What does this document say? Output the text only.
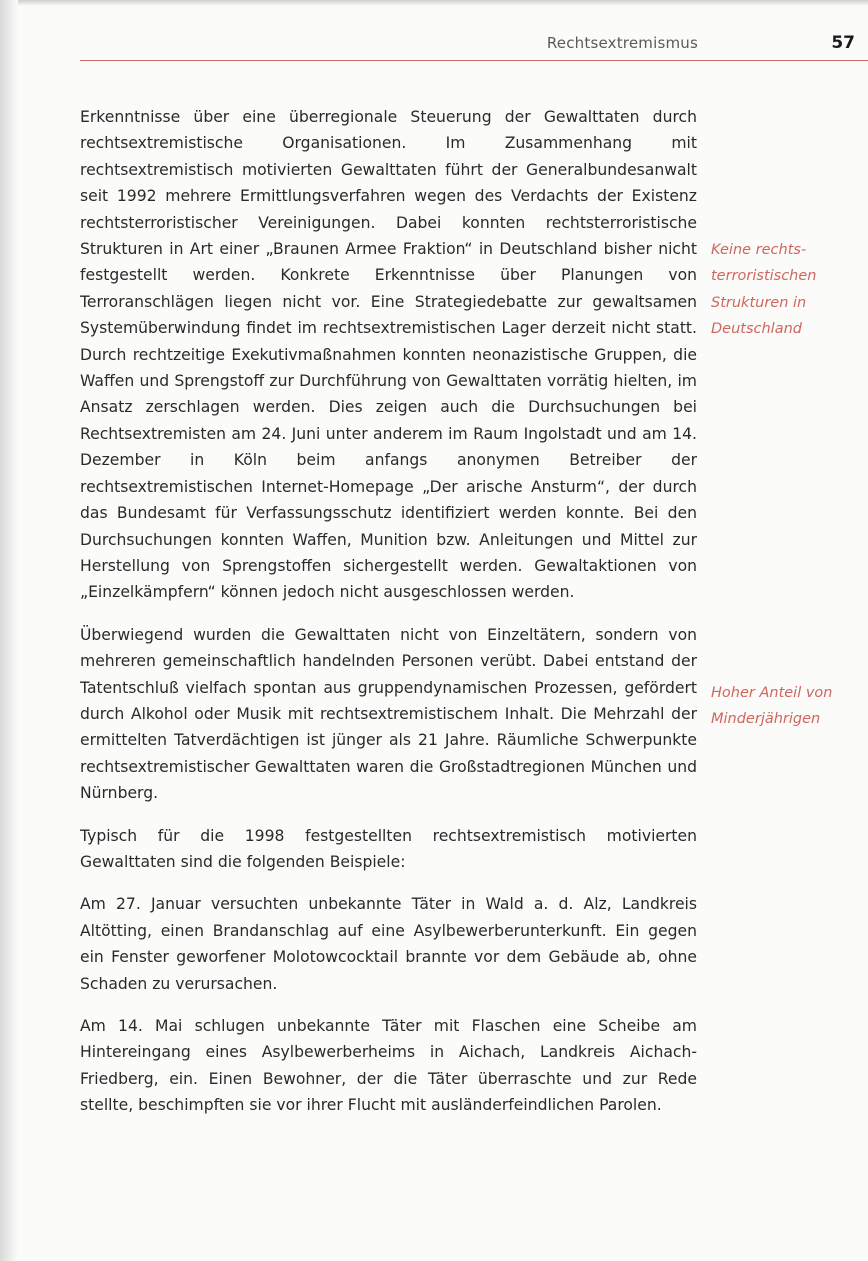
Rechtsextremismus	57

Erkenntnisse über eine überregionale Steuerung der Gewalttaten durch rechtsextremistische Organisationen. Im Zusammenhang mit rechtsextremistisch motivierten Gewalttaten führt der Generalbundesanwalt seit 1992 mehrere Ermittlungsverfahren wegen des Verdachts der Existenz rechtsterroristischer Vereinigungen. Dabei konnten rechtsterroristische Strukturen in Art einer „Braunen Armee Fraktion“ in Deutschland bisher nicht festgestellt werden. Konkrete Erkenntnisse über Planungen von Terroranschlägen liegen nicht vor. Eine Strategiedebatte zur gewaltsamen Systemüberwindung findet im rechtsextremistischen Lager derzeit nicht statt. Durch rechtzeitige Exekutivmaßnahmen konnten neonazistische Gruppen, die Waffen und Sprengstoff zur Durchführung von Gewalttaten vorrätig hielten, im Ansatz zerschlagen werden. Dies zeigen auch die Durchsuchungen bei Rechtsextremisten am 24. Juni unter anderem im Raum Ingolstadt und am 14. Dezember in Köln beim anfangs anonymen Betreiber der rechtsextremistischen Internet-Homepage „Der arische Ansturm“, der durch das Bundesamt für Verfassungsschutz identifiziert werden konnte. Bei den Durchsuchungen konnten Waffen, Munition bzw. Anleitungen und Mittel zur Herstellung von Sprengstoffen sichergestellt werden. Gewaltaktionen von „Einzelkämpfern“ können jedoch nicht ausgeschlossen werden.

Überwiegend wurden die Gewalttaten nicht von Einzeltätern, sondern von mehreren gemeinschaftlich handelnden Personen verübt. Dabei entstand der Tatentschluß vielfach spontan aus gruppendynamischen Prozessen, gefördert durch Alkohol oder Musik mit rechtsextremistischem Inhalt. Die Mehrzahl der ermittelten Tatverdächtigen ist jünger als 21 Jahre. Räumliche Schwerpunkte rechtsextremistischer Gewalttaten waren die Großstadtregionen München und Nürnberg.

Typisch für die 1998 festgestellten rechtsextremistisch motivierten Gewalttaten sind die folgenden Beispiele:

Am 27. Januar versuchten unbekannte Täter in Wald a. d. Alz, Landkreis Altötting, einen Brandanschlag auf eine Asylbewerberunterkunft. Ein gegen ein Fenster geworfener Molotowcocktail brannte vor dem Gebäude ab, ohne Schaden zu verursachen.

Am 14. Mai schlugen unbekannte Täter mit Flaschen eine Scheibe am Hintereingang eines Asylbewerberheims in Aichach, Landkreis Aichach-Friedberg, ein. Einen Bewohner, der die Täter überraschte und zur Rede stellte, beschimpften sie vor ihrer Flucht mit ausländerfeindlichen Parolen.

Keine rechtsterroristischen Strukturen in Deutschland
Hoher Anteil von Minderjährigen
